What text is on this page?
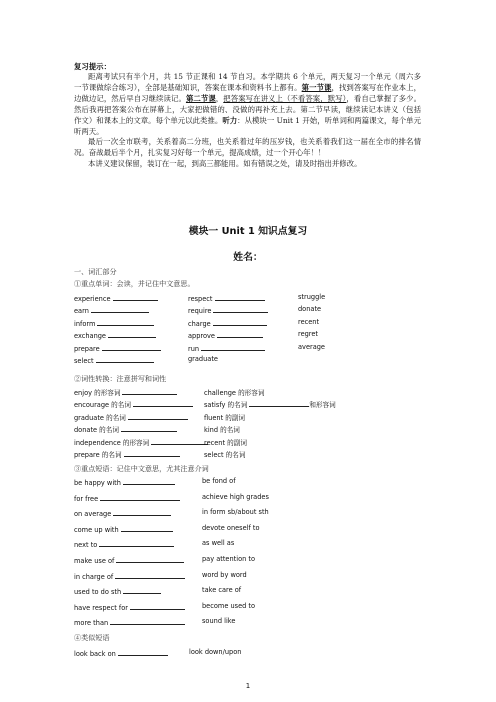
复习提示：

距离考试只有半个月，共 15 节正课和 14 节自习。本学期共 6 个单元，两天复习一个单元（周六多一节课做综合练习），全部是基础知识，答案在课本和资料书上都有。第一节课，找到答案写在作业本上，边做边记，然后早自习继续读记。第二节课，把答案写在讲义上（不看答案，默写），看自己掌握了多少。然后我再把答案公布在屏幕上，大家把做错的、没做的再补充上去。第二节早读，继续读记本讲义（包括作文）和课本上的文章。每个单元以此类推。听力：从模块一 Unit 1 开始，听单词和两篇课文，每个单元听两天。

最后一次全市联考，关系着高二分班，也关系着过年的压岁钱，也关系着我们这一届在全市的排名情况。奋战最后半个月，扎实复习好每一个单元，提高成绩，过一个开心年！！

本讲义建议保留，装订在一起，到高三都能用。如有错误之处，请及时指出并修改。

模块一 Unit 1 知识点复习
姓名：
一、词汇部分
①重点单词：会读，并记住中文意思。
experience	respect	struggle
earn	require	donate
inform	charge	recent
exchange	approve	regret
prepare	run	average
select	graduate
②词性转换：注意拼写和词性
enjoy 的形容词	challenge 的形容词
encourage 的名词	satisfy 的名词	和形容词
graduate 的名词	fluent 的副词
donate 的名词	kind 的名词
independence 的形容词	recent 的副词
prepare 的名词	select 的名词
③重点短语：记住中文意思，尤其注意介词
be happy with	be fond of
for free	achieve high grades
on average	in form sb/about sth
come up with	devote oneself to
next to	as well as
make use of	pay attention to
in charge of	word by word
used to do sth	take care of
have respect for	become used to
more than	sound like
④类似短语
look back on	look down/upon
1
